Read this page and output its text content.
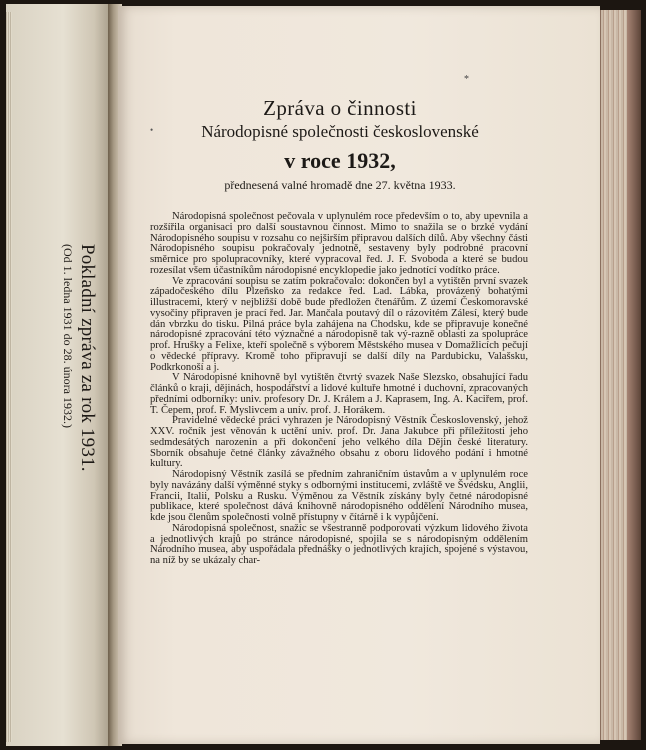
Pokladní zpráva za rok 1931.
(Od 1. ledna 1931 do 28. února 1932.)
*
•
Zpráva o činnosti
Národopisné společnosti československé
v roce 1932,
přednesená valné hromadě dne 27. května 1933.

Národopisná společnost pečovala v uplynulém roce především o to, aby upevnila a rozšířila organisaci pro další soustavnou činnost. Mimo to snažila se o brzké vydání Národopisného soupisu v rozsahu co nejširším připravou dalších dílů. Aby všechny části Národopisného soupisu pokračovaly jednotně, sestaveny byly podrobné pracovní směrnice pro spolupracovníky, které vypracoval řed. J. F. Svoboda a které se budou rozesílat všem účastníkům národopisné encyklopedie jako jednotící vodítko práce.

Ve zpracování soupisu se zatím pokračovalo: dokončen byl a vytištěn první svazek západočeského dílu Plzeňsko za redakce řed. Lad. Lábka, provázený bohatými illustracemi, který v nejbližší době bude předložen čtenářům. Z území Českomoravské vysočiny připraven je prací řed. Jar. Mančala poutavý díl o rázovitém Zálesí, který bude dán vbrzku do tisku. Pilná práce byla zahájena na Chodsku, kde se připravuje konečné národopisné zpracování této význačné a národopisně tak vý-razně oblasti za spolupráce prof. Hrušky a Felixe, kteří společně s výborem Městského musea v Domažlicích pečují o vědecké přípravy. Kromě toho připravují se další díly na Pardubicku, Valašsku, Podkrkonoší a j.

V Národopisné knihovně byl vytištěn čtvrtý svazek Naše Slezsko, obsahující řadu článků o kraji, dějinách, hospodářství a lidové kultuře hmotné i duchovní, zpracovaných předními odborníky: univ. profesory Dr. J. Králem a J. Kaprasem, Ing. A. Kaciřem, prof. T. Čepem, prof. F. Myslivcem a univ. prof. J. Horákem.

Pravidelné vědecké práci vyhrazen je Národopisný Věstník Československý, jehož XXV. ročník jest věnován k uctění univ. prof. Dr. Jana Jakubce při příležitosti jeho sedmdesátých narozenin a při dokončení jeho velkého díla Dějin české literatury. Sborník obsahuje četné články závažného obsahu z oboru lidového podání i hmotné kultury.

Národopisný Věstník zasílá se předním zahraničním ústavům a v uplynulém roce byly navázány další výměnné styky s odbornými institucemi, zvláště ve Švédsku, Anglii, Francii, Italii, Polsku a Rusku. Výměnou za Věstník získány byly četné národopisné publikace, které společnost dává knihovně národopisného oddělení Národního musea, kde jsou členům společnosti volně přístupny v čítárně i k vypůjčení.

Národopisná společnost, snažíc se všestranně podporovati výzkum lidového života a jednotlivých krajů po stránce národopisné, spojila se s národopisným oddělením Národního musea, aby uspořádala přednášky o jednotlivých krajích, spojené s výstavou, na níž by se ukázaly char-
